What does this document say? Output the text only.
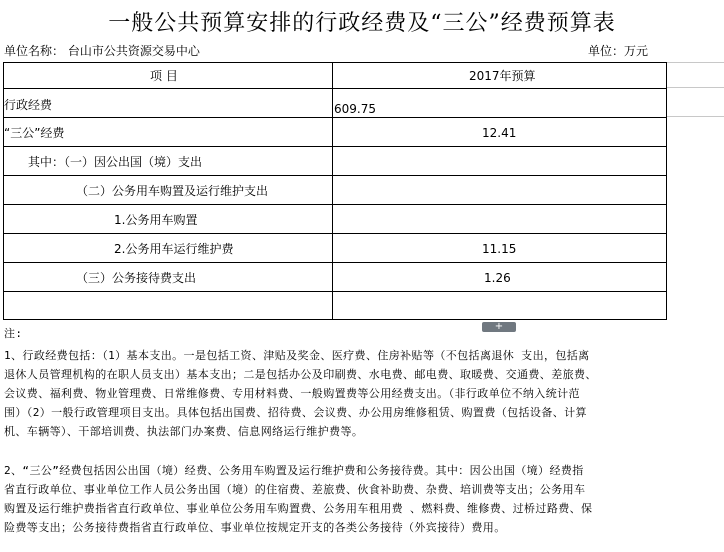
一般公共预算安排的行政经费及“三公”经费预算表
单位名称： 台山市公共资源交易中心	单位：万元
项 目	2017年预算
行政经费	609.75
“三公”经费	12.41
其中：（一）因公出国（境）支出
（二）公务用车购置及运行维护支出
1.公务用车购置
2.公务用车运行维护费	11.15
（三）公务接待费支出	1.26
+
注:
1、行政经费包括：（1）基本支出。一是包括工资、津贴及奖金、医疗费、住房补贴等（不包括离退休 支出，包括离
退休人员管理机构的在职人员支出）基本支出；二是包括办公及印刷费、水电费、邮电费、取暖费、交通费、差旅费、
会议费、福利费、物业管理费、日常维修费、专用材料费、一般购置费等公用经费支出。（非行政单位不纳入统计范
围）（2）一般行政管理项目支出。具体包括出国费、招待费、会议费、办公用房维修租赁、购置费（包括设备、计算
机、车辆等）、干部培训费、执法部门办案费、信息网络运行维护费等。
2、“三公”经费包括因公出国（境）经费、公务用车购置及运行维护费和公务接待费。其中：因公出国（境）经费指
省直行政单位、事业单位工作人员公务出国（境）的住宿费、差旅费、伙食补助费、杂费、培训费等支出；公务用车
购置及运行维护费指省直行政单位、事业单位公务用车购置费、公务用车租用费 、燃料费、维修费、过桥过路费、保
险费等支出；公务接待费指省直行政单位、事业单位按规定开支的各类公务接待（外宾接待）费用。
